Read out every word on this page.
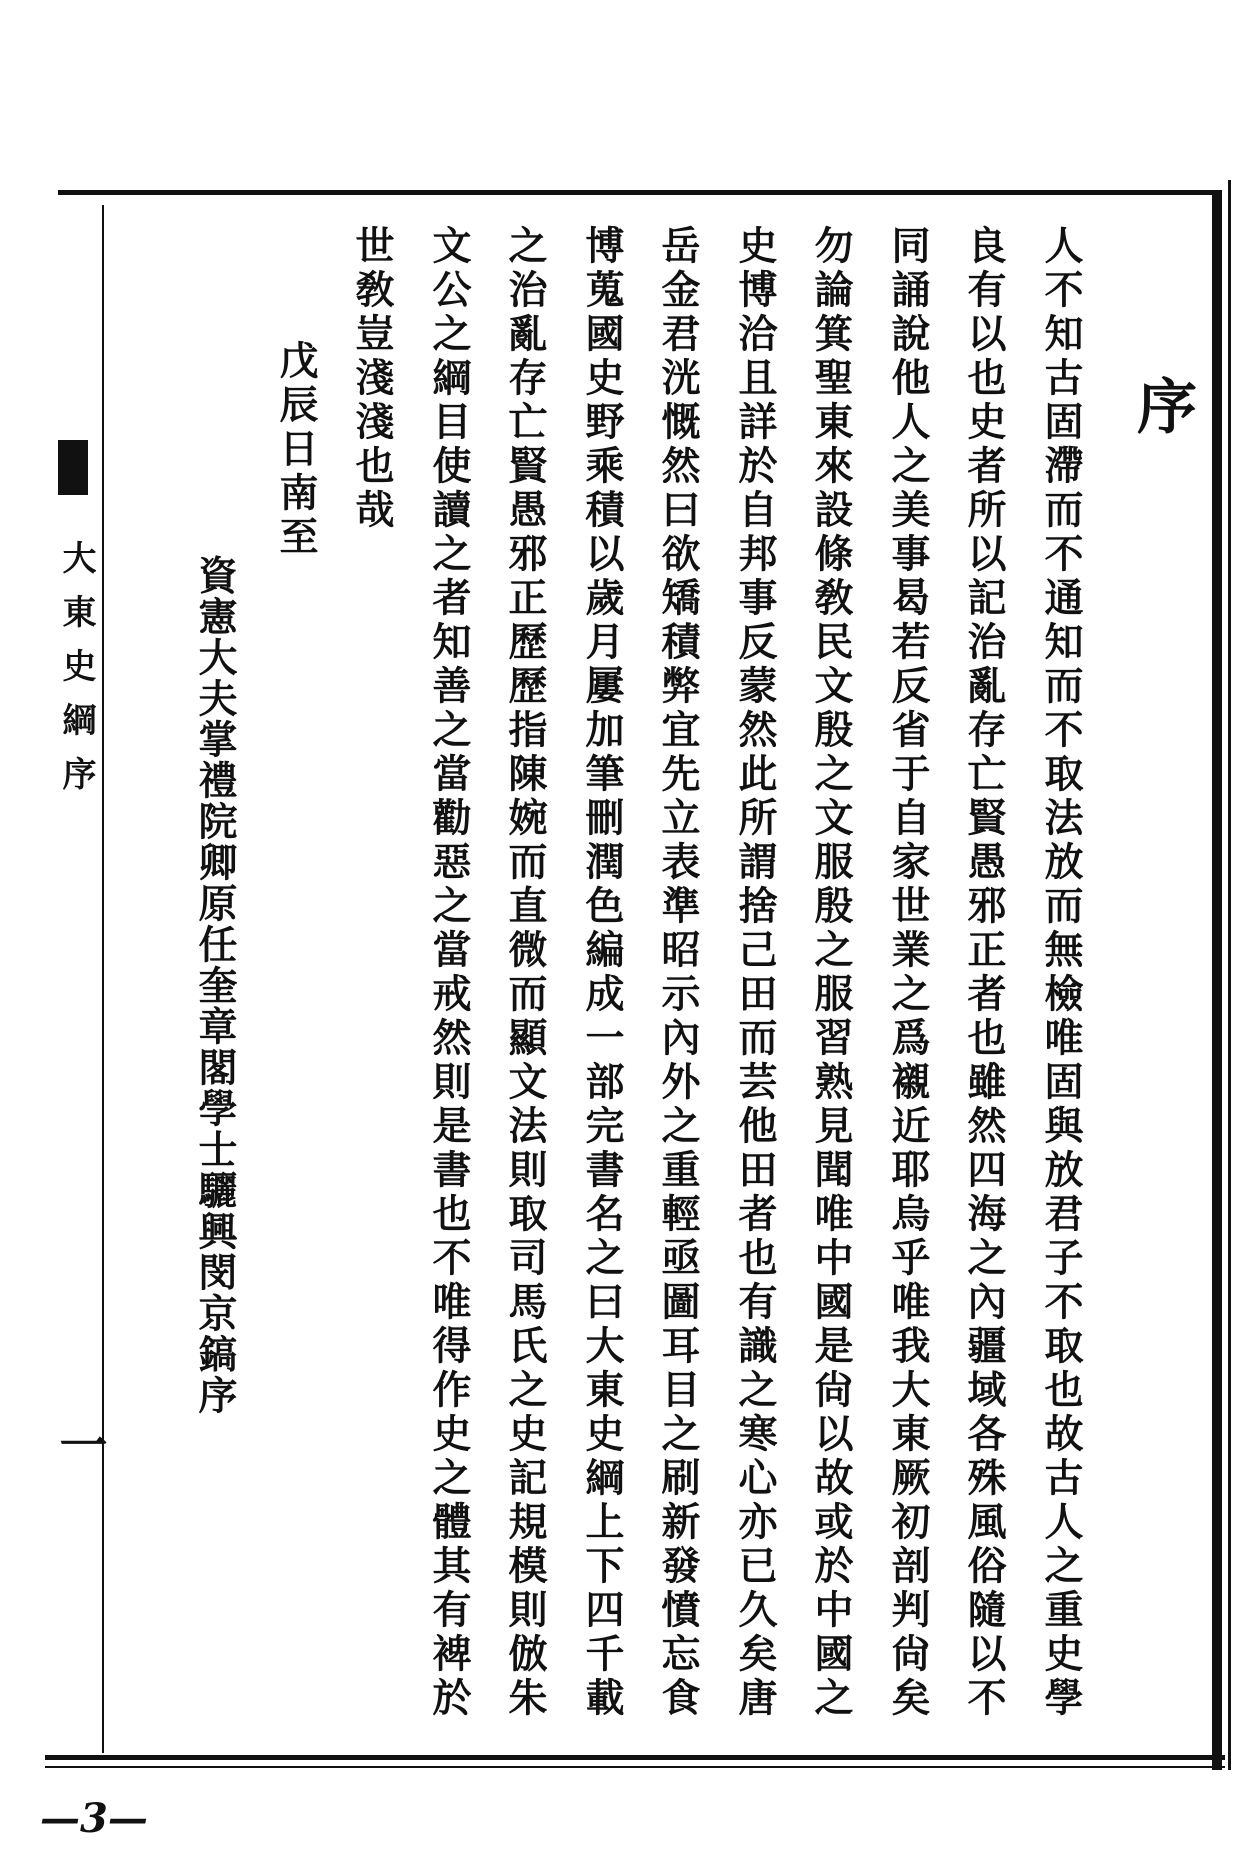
大東史綱序
一
序
人不知古固滯而不通知而不取法放而無檢唯固與放君子不取也故古人之重史學
良有以也史者所以記治亂存亡賢愚邪正者也雖然四海之內疆域各殊風俗隨以不
同誦說他人之美事曷若反省于自家世業之爲襯近耶烏乎唯我大東厥初剖判尙矣
勿論箕聖東來設條敎民文殷之文服殷之服習熟見聞唯中國是尙以故或於中國之
史博洽且詳於自邦事反蒙然此所謂捨己田而芸他田者也有識之寒心亦已久矣唐
岳金君洸慨然曰欲矯積弊宜先立表準昭示內外之重輕亟圖耳目之刷新發憤忘食
博蒐國史野乘積以歲月屢加筆刪潤色編成一部完書名之曰大東史綱上下四千載
之治亂存亡賢愚邪正歷歷指陳婉而直微而顯文法則取司馬氏之史記規模則倣朱
文公之綱目使讀之者知善之當勸惡之當戒然則是書也不唯得作史之體其有裨於
世敎豈淺淺也哉
戊辰日南至
資憲大夫掌禮院卿原任奎章閣學士驪興閔京鎬序
—3—
